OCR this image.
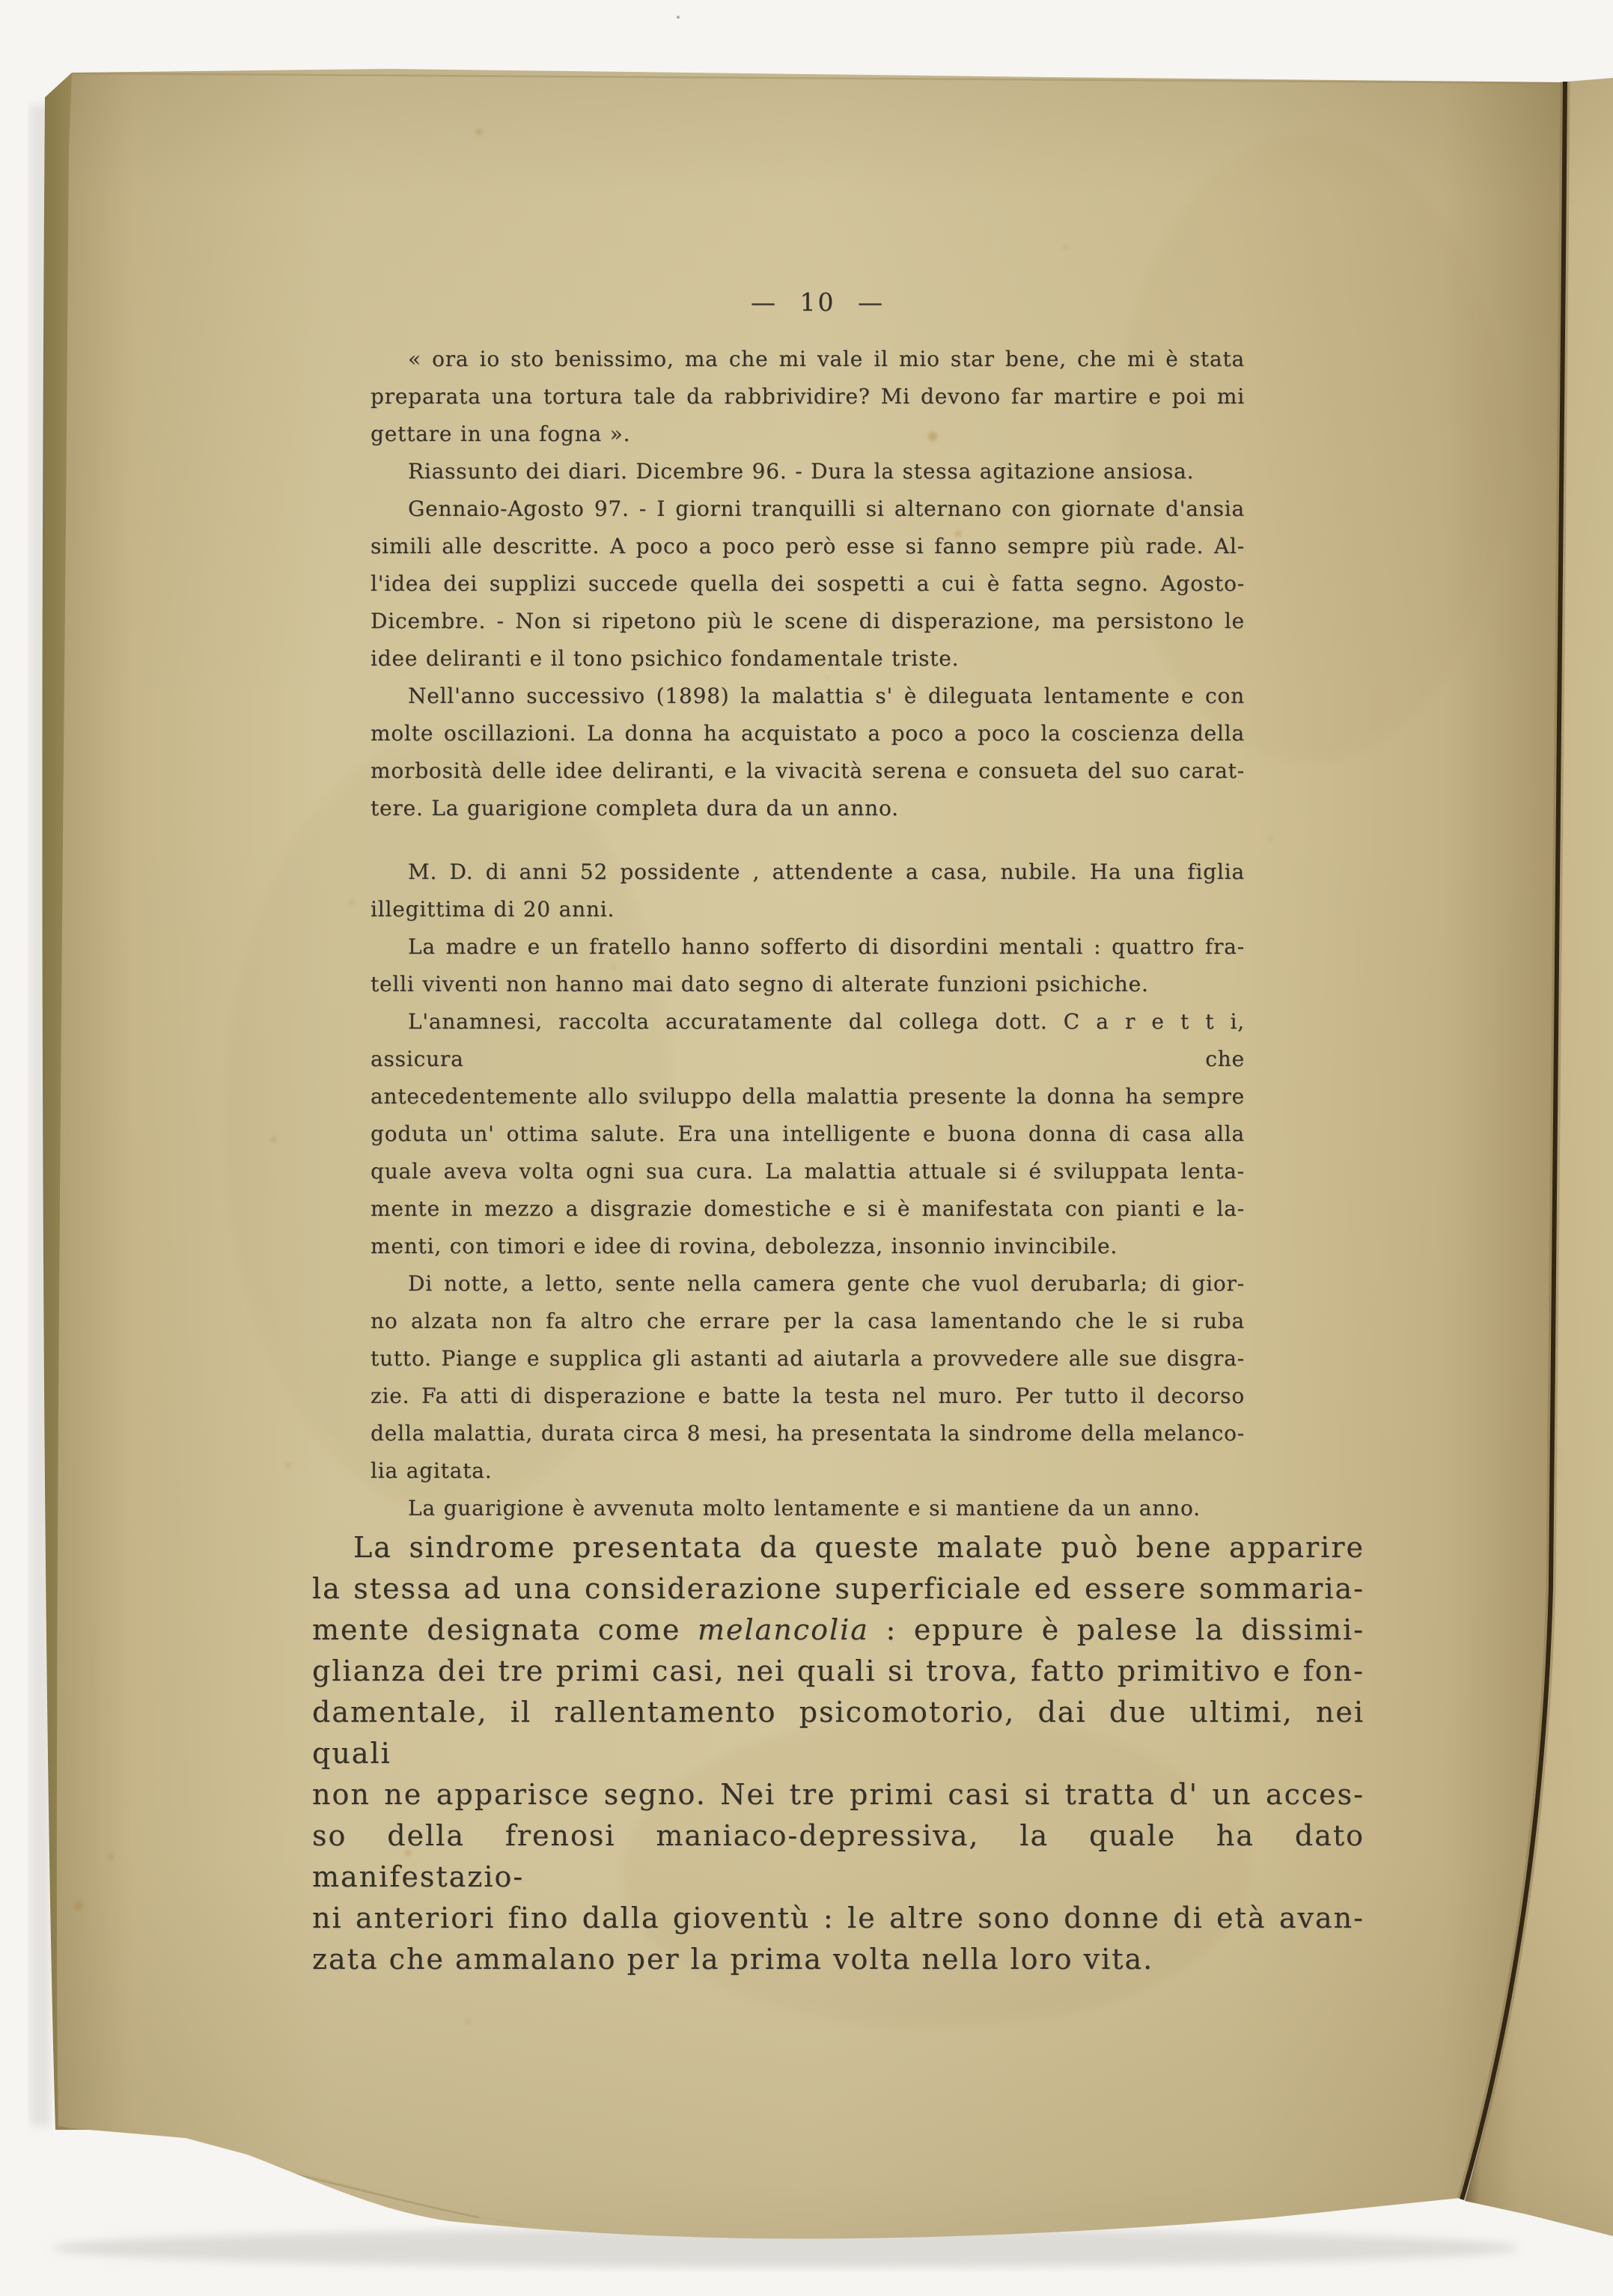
— 10 —
« ora io sto benissimo, ma che mi vale il mio star bene, che mi è stata
preparata una tortura tale da rabbrividire? Mi devono far martire e poi mi
gettare in una fogna ».
Riassunto dei diari. Dicembre 96. - Dura la stessa agitazione ansiosa.
Gennaio-Agosto 97. - I giorni tranquilli si alternano con giornate d'ansia
simili alle descritte. A poco a poco però esse si fanno sempre più rade. Al-
l'idea dei supplizi succede quella dei sospetti a cui è fatta segno. Agosto-
Dicembre. - Non si ripetono più le scene di disperazione, ma persistono le
idee deliranti e il tono psichico fondamentale triste.
Nell'anno successivo (1898) la malattia s' è dileguata lentamente e con
molte oscillazioni. La donna ha acquistato a poco a poco la coscienza della
morbosità delle idee deliranti, e la vivacità serena e consueta del suo carat-
tere. La guarigione completa dura da un anno.
M. D. di anni 52 possidente , attendente a casa, nubile. Ha una figlia
illegittima di 20 anni.
La madre e un fratello hanno sofferto di disordini mentali : quattro fra-
telli viventi non hanno mai dato segno di alterate funzioni psichiche.
L'anamnesi, raccolta accuratamente dal collega dott. C a r e t t i, assicura che
antecedentemente allo sviluppo della malattia presente la donna ha sempre
goduta un' ottima salute. Era una intelligente e buona donna di casa alla
quale aveva volta ogni sua cura. La malattia attuale si é sviluppata lenta-
mente in mezzo a disgrazie domestiche e si è manifestata con pianti e la-
menti, con timori e idee di rovina, debolezza, insonnio invincibile.
Di notte, a letto, sente nella camera gente che vuol derubarla; di gior-
no alzata non fa altro che errare per la casa lamentando che le si ruba
tutto. Piange e supplica gli astanti ad aiutarla a provvedere alle sue disgra-
zie. Fa atti di disperazione e batte la testa nel muro. Per tutto il decorso
della malattia, durata circa 8 mesi, ha presentata la sindrome della melanco-
lia agitata.
La guarigione è avvenuta molto lentamente e si mantiene da un anno.
La sindrome presentata da queste malate può bene apparire
la stessa ad una considerazione superficiale ed essere sommaria-
mente designata come melancolia : eppure è palese la dissimi-
glianza dei tre primi casi, nei quali si trova, fatto primitivo e fon-
damentale, il rallentamento psicomotorio, dai due ultimi, nei quali
non ne apparisce segno. Nei tre primi casi si tratta d' un acces-
so della frenosi maniaco-depressiva, la quale ha dato manifestazio-
ni anteriori fino dalla gioventù : le altre sono donne di età avan-
zata che ammalano per la prima volta nella loro vita.
